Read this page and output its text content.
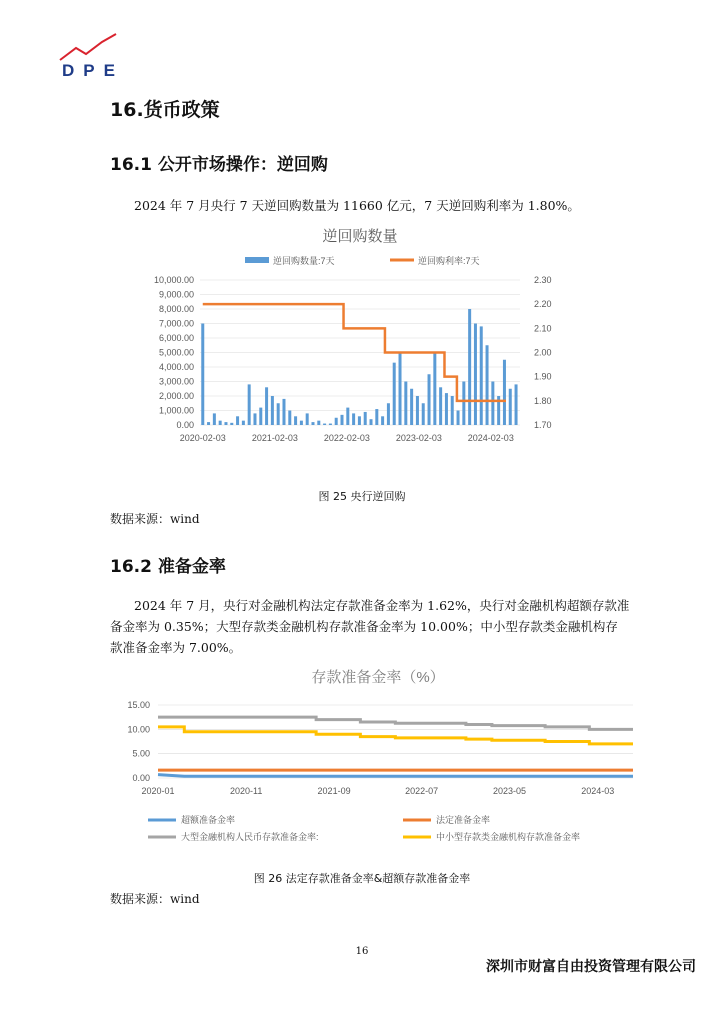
DPE
16.货币政策
16.1 公开市场操作：逆回购
2024 年 7 月央行 7 天逆回购数量为 11660 亿元，7 天逆回购利率为 1.80%。
逆回购数量
逆回购数量:7天	逆回购利率:7天
10,000.00
9,000.00
8,000.00
7,000.00
6,000.00
5,000.00
4,000.00
3,000.00
2,000.00
1,000.00
0.00
2.30
2.20
2.10
2.00
1.90
1.80
1.70
2020-02-03	2021-02-03	2022-02-03	2023-02-03	2024-02-03
图 25 央行逆回购
数据来源：wind
16.2 准备金率
2024 年 7 月，央行对金融机构法定存款准备金率为 1.62%，央行对金融机构超额存款准备金率为 0.35%；大型存款类金融机构存款准备金率为 10.00%；中小型存款类金融机构存款准备金率为 7.00%。
存款准备金率（%）
15.00
10.00
5.00
0.00
2020-01	2020-11	2021-09	2022-07	2023-05	2024-03
超额准备金率	法定准备金率
大型金融机构人民币存款准备金率:	中小型存款类金融机构存款准备金率
图 26 法定存款准备金率&超额存款准备金率
数据来源：wind
16
深圳市财富自由投资管理有限公司
